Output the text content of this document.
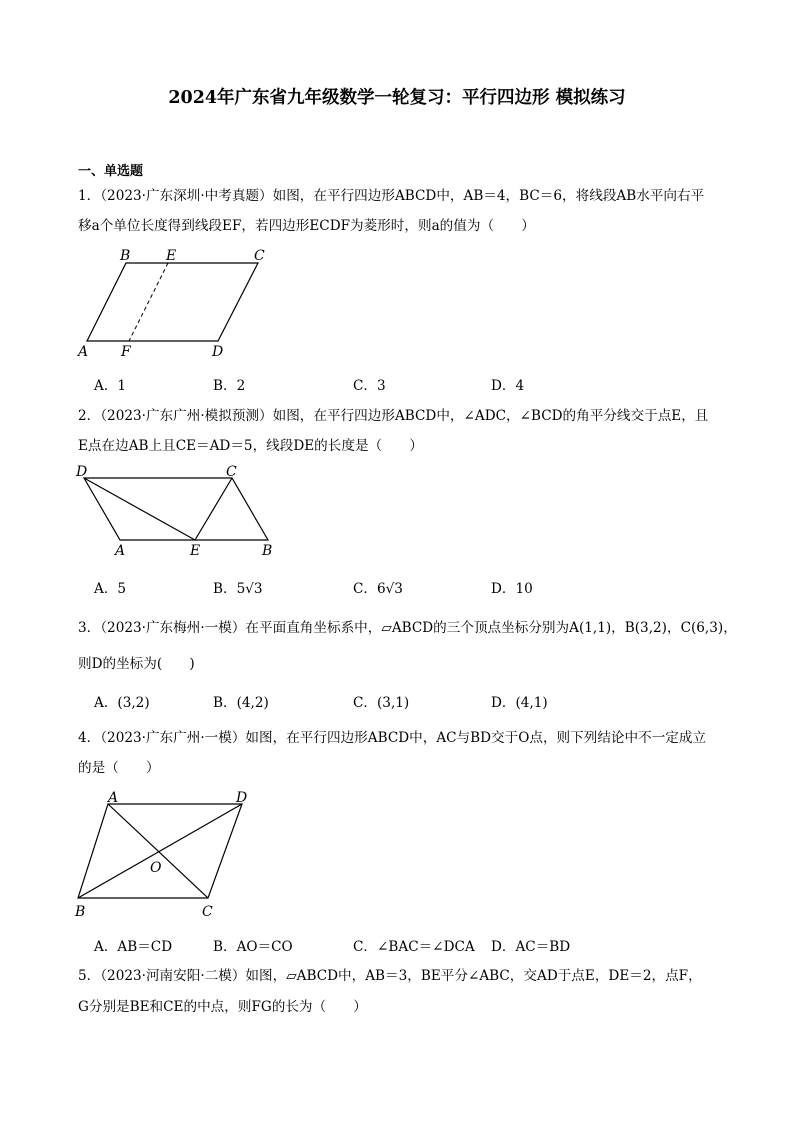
2024年广东省九年级数学一轮复习：平行四边形 模拟练习
一、单选题
1．（2023·广东深圳·中考真题）如图，在平行四边形ABCD中，AB＝4，BC＝6，将线段AB水平向右平
移a个单位长度得到线段EF，若四边形ECDF为菱形时，则a的值为（　　）
B	E	C
A F	D
A．1	B．2	C．3	D．4
2．（2023·广东广州·模拟预测）如图，在平行四边形ABCD中，∠ADC，∠BCD的角平分线交于点E，且
E点在边AB上且CE＝AD＝5，线段DE的长度是（　　）
D	C
A	E	B
A．5	B．5√3	C．6√3	D．10
3．（2023·广东梅州·一模）在平面直角坐标系中，▱ABCD的三个顶点坐标分别为A(1,1)，B(3,2)，C(6,3)，
则D的坐标为(　　)
A．(3,2)	B．(4,2)	C．(3,1)	D．(4,1)
4．（2023·广东广州·一模）如图，在平行四边形ABCD中，AC与BD交于O点，则下列结论中不一定成立
的是（　　）
A	D
O
B	C
A．AB＝CD	B．AO＝CO	C．∠BAC＝∠DCA D．AC＝BD
5．（2023·河南安阳·二模）如图，▱ABCD中，AB＝3，BE平分∠ABC，交AD于点E，DE＝2，点F，
G分别是BE和CE的中点，则FG的长为（　　）
